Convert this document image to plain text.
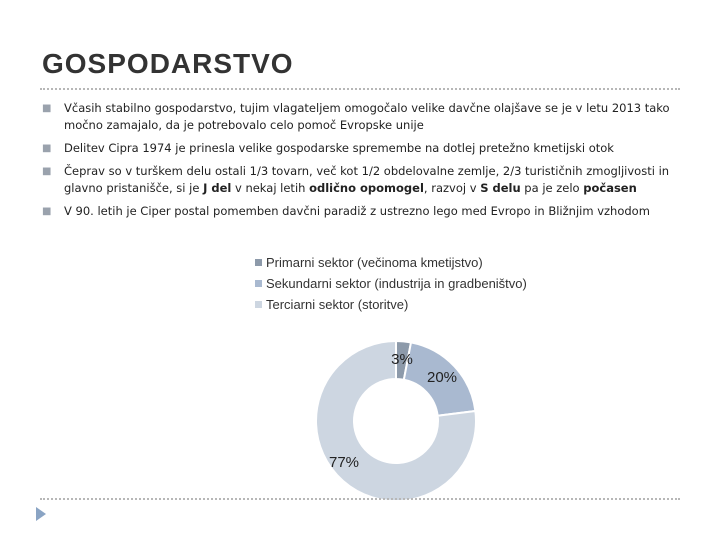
GOSPODARSTVO
■ Včasih stabilno gospodarstvo, tujim vlagateljem omogočalo velike davčne olajšave se je v letu 2013 tako močno zamajalo, da je potrebovalo celo pomoč Evropske unije
■ Delitev Cipra 1974 je prinesla velike gospodarske spremembe na dotlej pretežno kmetijski otok
■ Čeprav so v turškem delu ostali 1/3 tovarn, več kot 1/2 obdelovalne zemlje, 2/3 turističnih zmogljivosti in glavno pristanišče, si je J del v nekaj letih odlično opomogel, razvoj v S delu pa je zelo počasen
■ V 90. letih je Ciper postal pomemben davčni paradiž z ustrezno lego med Evropo in Bližnjim vzhodom
Primarni sektor (večinoma kmetijstvo)
Sekundarni sektor (industrija in gradbeništvo)
Terciarni sektor (storitve)
3%
20%
77%
